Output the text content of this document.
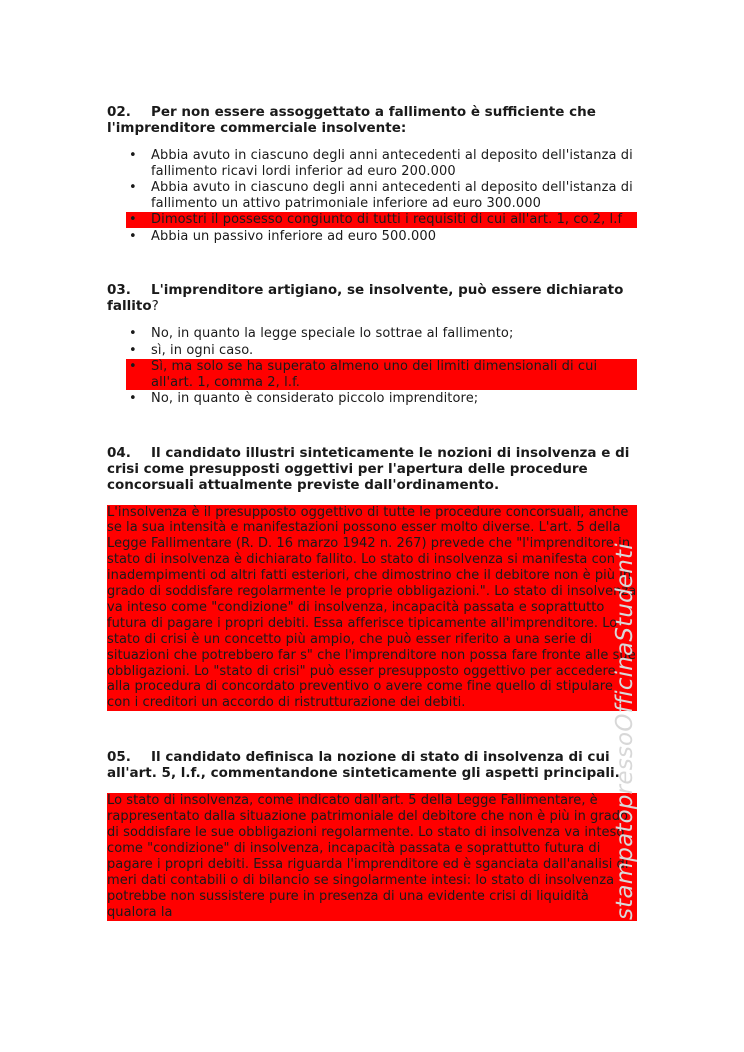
02. Per non essere assoggettato a fallimento è sufficiente che l'imprenditore commerciale insolvente:

• Abbia avuto in ciascuno degli anni antecedenti al deposito dell'istanza di fallimento ricavi lordi inferior ad euro 200.000
• Abbia avuto in ciascuno degli anni antecedenti al deposito dell'istanza di fallimento un attivo patrimoniale inferiore ad euro 300.000
• Dimostri il possesso congiunto di tutti i requisiti di cui all'art. 1, co.2, l.f
• Abbia un passivo inferiore ad euro 500.000

03. L'imprenditore artigiano, se insolvente, può essere dichiarato fallito?

• No, in quanto la legge speciale lo sottrae al fallimento;
• sì, in ogni caso.
• Sì, ma solo se ha superato almeno uno dei limiti dimensionali di cui all'art. 1, comma 2, l.f.
• No, in quanto è considerato piccolo imprenditore;

04. Il candidato illustri sinteticamente le nozioni di insolvenza e di crisi come presupposti oggettivi per l'apertura delle procedure concorsuali attualmente previste dall'ordinamento.

L'insolvenza è il presupposto oggettivo di tutte le procedure concorsuali, anche se la sua intensità e manifestazioni possono esser molto diverse. L'art. 5 della Legge Fallimentare (R. D. 16 marzo 1942 n. 267) prevede che "l'imprenditore in stato di insolvenza è dichiarato fallito. Lo stato di insolvenza si manifesta con inadempimenti od altri fatti esteriori, che dimostrino che il debitore non è più in grado di soddisfare regolarmente le proprie obbligazioni.". Lo stato di insolvenza va inteso come "condizione" di insolvenza, incapacità passata e soprattutto futura di pagare i propri debiti. Essa afferisce tipicamente all'imprenditore. Lo stato di crisi è un concetto più ampio, che può esser riferito a una serie di situazioni che potrebbero far s" che l'imprenditore non possa fare fronte alle sue obbligazioni. Lo "stato di crisi" può esser presupposto oggettivo per accedere alla procedura di concordato preventivo o avere come fine quello di stipulare con i creditori un accordo di ristrutturazione dei debiti.

05. Il candidato definisca la nozione di stato di insolvenza di cui all'art. 5, l.f., commentandone sinteticamente gli aspetti principali.

Lo stato di insolvenza, come indicato dall'art. 5 della Legge Fallimentare, è rappresentato dalla situazione patrimoniale del debitore che non è più in grado di soddisfare le sue obbligazioni regolarmente. Lo stato di insolvenza va inteso come "condizione" di insolvenza, incapacità passata e soprattutto futura di pagare i propri debiti. Essa riguarda l'imprenditore ed è sganciata dall'analisi di meri dati contabili o di bilancio se singolarmente intesi: lo stato di insolvenza potrebbe non sussistere pure in presenza di una evidente crisi di liquidità qualora la	stampatopressoOfficinaStudenti
